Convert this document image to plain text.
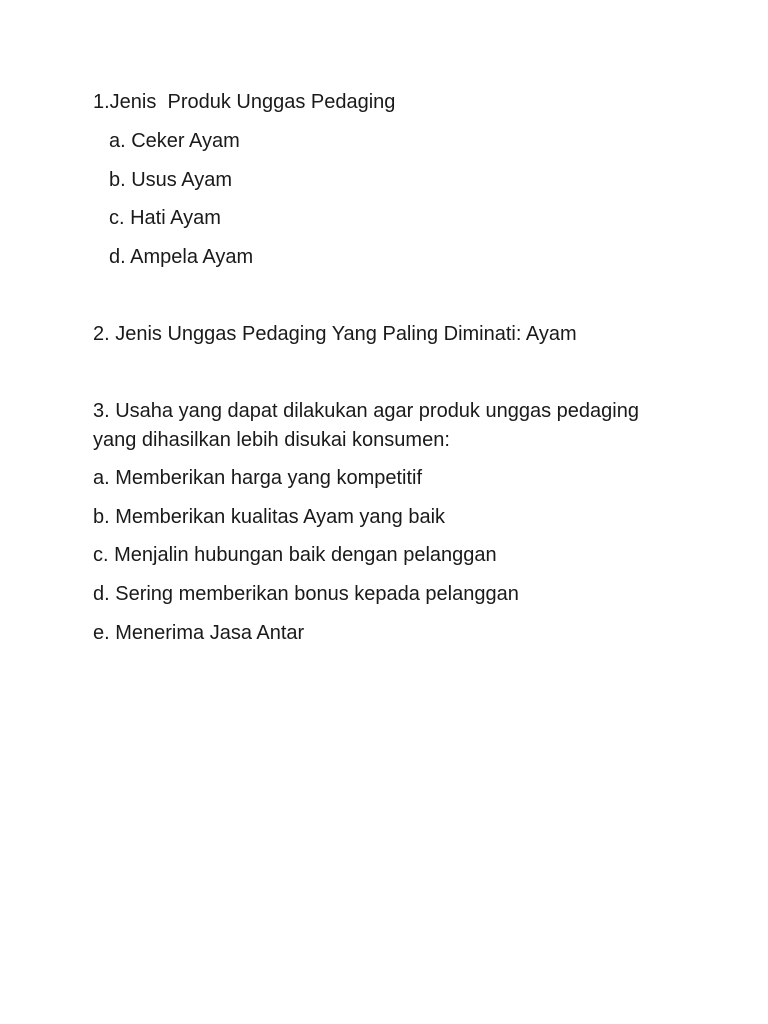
1.Jenis  Produk Unggas Pedaging

a. Ceker Ayam

b. Usus Ayam

c. Hati Ayam

d. Ampela Ayam

2. Jenis Unggas Pedaging Yang Paling Diminati: Ayam

3. Usaha yang dapat dilakukan agar produk unggas pedaging

yang dihasilkan lebih disukai konsumen:

a. Memberikan harga yang kompetitif

b. Memberikan kualitas Ayam yang baik

c. Menjalin hubungan baik dengan pelanggan

d. Sering memberikan bonus kepada pelanggan

e. Menerima Jasa Antar
